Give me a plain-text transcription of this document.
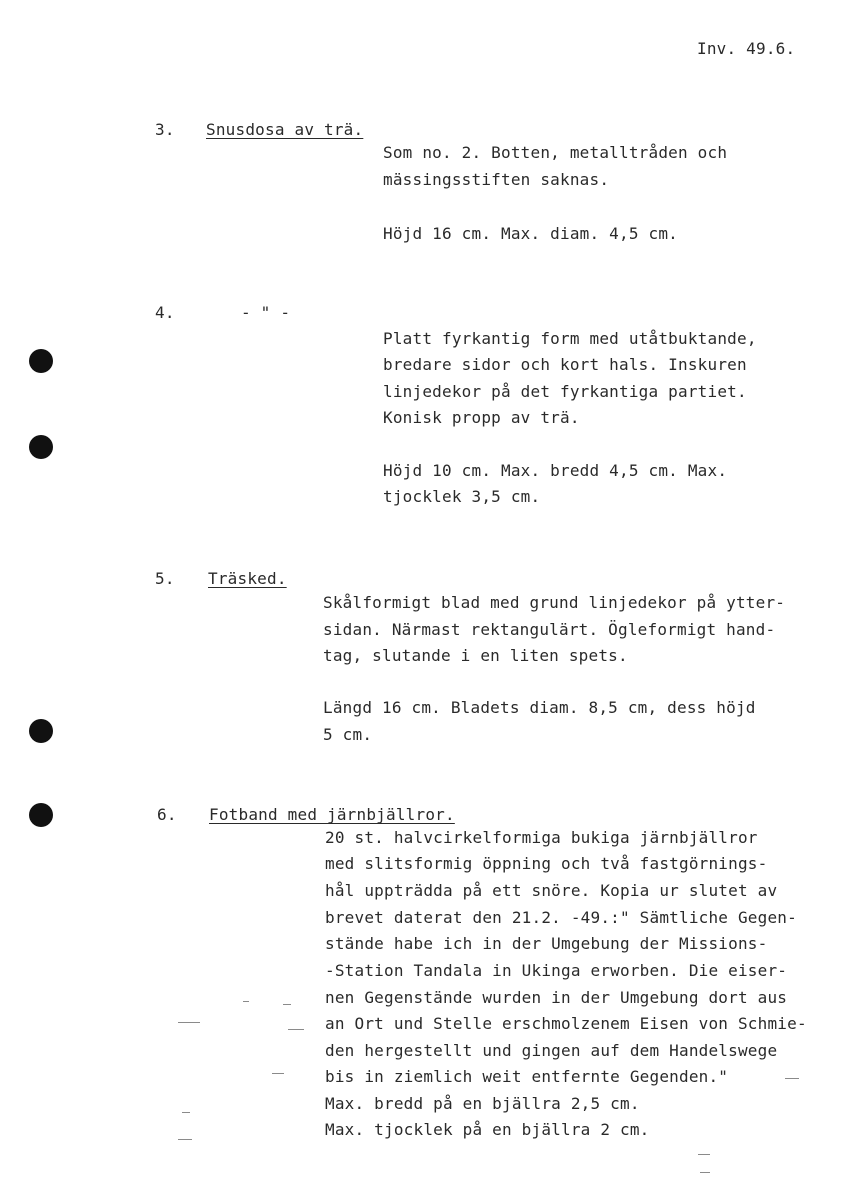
Inv. 49.6.
3. Snusdosa av trä.
Som no. 2. Botten, metalltråden och
mässingsstiften saknas.
Höjd 16 cm. Max. diam. 4,5 cm.
4.	- " -
Platt fyrkantig form med utåtbuktande,
bredare sidor och kort hals. Inskuren
linjedekor på det fyrkantiga partiet.
Konisk propp av trä.
Höjd 10 cm. Max. bredd 4,5 cm. Max.
tjocklek 3,5 cm.
5. Träsked.
Skålformigt blad med grund linjedekor på ytter-
sidan. Närmast rektangulärt. Ögleformigt hand-
tag, slutande i en liten spets.
Längd 16 cm. Bladets diam. 8,5 cm, dess höjd
5 cm.
6. Fotband med järnbjällror.
20 st. halvcirkelformiga bukiga järnbjällror
med slitsformig öppning och två fastgörnings-
hål uppträdda på ett snöre. Kopia ur slutet av
brevet daterat den 21.2. -49.:" Sämtliche Gegen-
stände habe ich in der Umgebung der Missions-
-Station Tandala in Ukinga erworben. Die eiser-
nen Gegenstände wurden in der Umgebung dort aus
an Ort und Stelle erschmolzenem Eisen von Schmie-
den hergestellt und gingen auf dem Handelswege
bis in ziemlich weit entfernte Gegenden."
Max. bredd på en bjällra 2,5 cm.
Max. tjocklek på en bjällra 2 cm.
